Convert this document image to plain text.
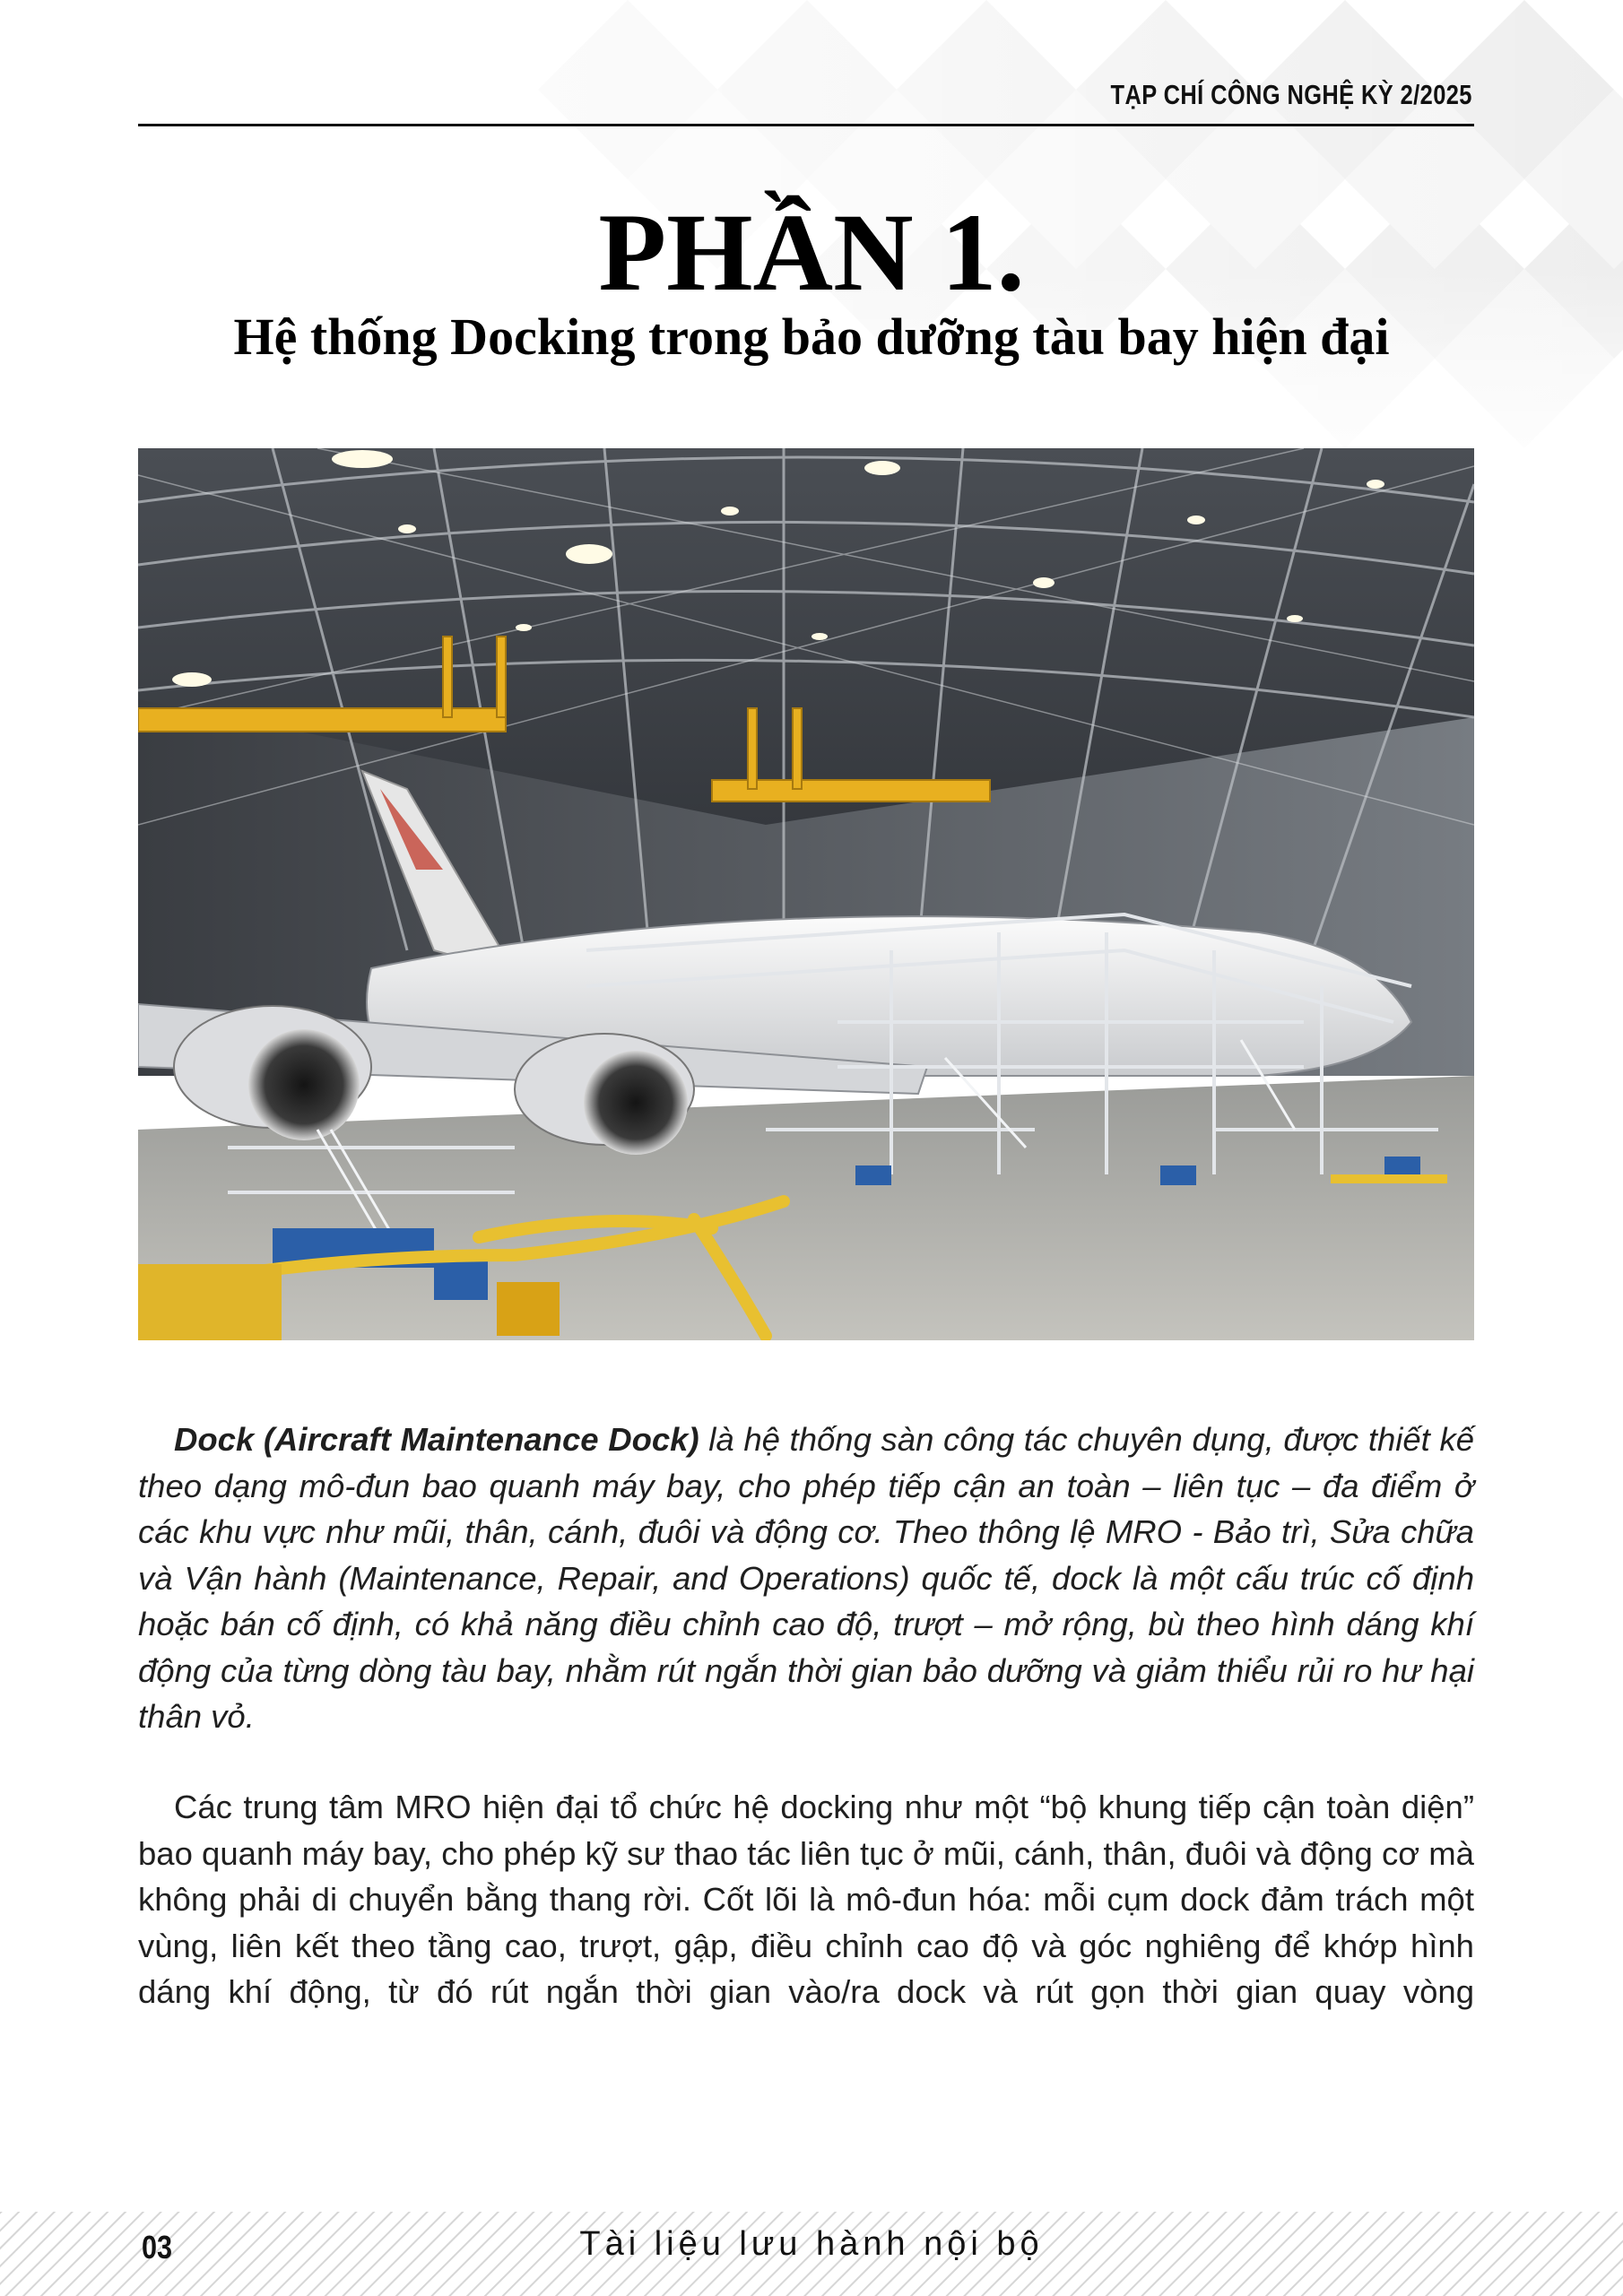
TẠP CHÍ CÔNG NGHỆ KỲ 2/2025
PHẦN 1.
Hệ thống Docking trong bảo dưỡng tàu bay hiện đại

Dock (Aircraft Maintenance Dock) là hệ thống sàn công tác chuyên dụng, được thiết kế theo dạng mô-đun bao quanh máy bay, cho phép tiếp cận an toàn – liên tục – đa điểm ở các khu vực như mũi, thân, cánh, đuôi và động cơ. Theo thông lệ MRO - Bảo trì, Sửa chữa và Vận hành (Maintenance, Repair, and Operations) quốc tế, dock là một cấu trúc cố định hoặc bán cố định, có khả năng điều chỉnh cao độ, trượt – mở rộng, bù theo hình dáng khí động của từng dòng tàu bay, nhằm rút ngắn thời gian bảo dưỡng và giảm thiểu rủi ro hư hại thân vỏ.

Các trung tâm MRO hiện đại tổ chức hệ docking như một “bộ khung tiếp cận toàn diện” bao quanh máy bay, cho phép kỹ sư thao tác liên tục ở mũi, cánh, thân, đuôi và động cơ mà không phải di chuyển bằng thang rời. Cốt lõi là mô-đun hóa: mỗi cụm dock đảm trách một vùng, liên kết theo tầng cao, trượt, gập, điều chỉnh cao độ và góc nghiêng để khớp hình dáng khí động, từ đó rút ngắn thời gian vào/ra dock và rút gọn thời gian quay vòng

03	Tài liệu lưu hành nội bộ
